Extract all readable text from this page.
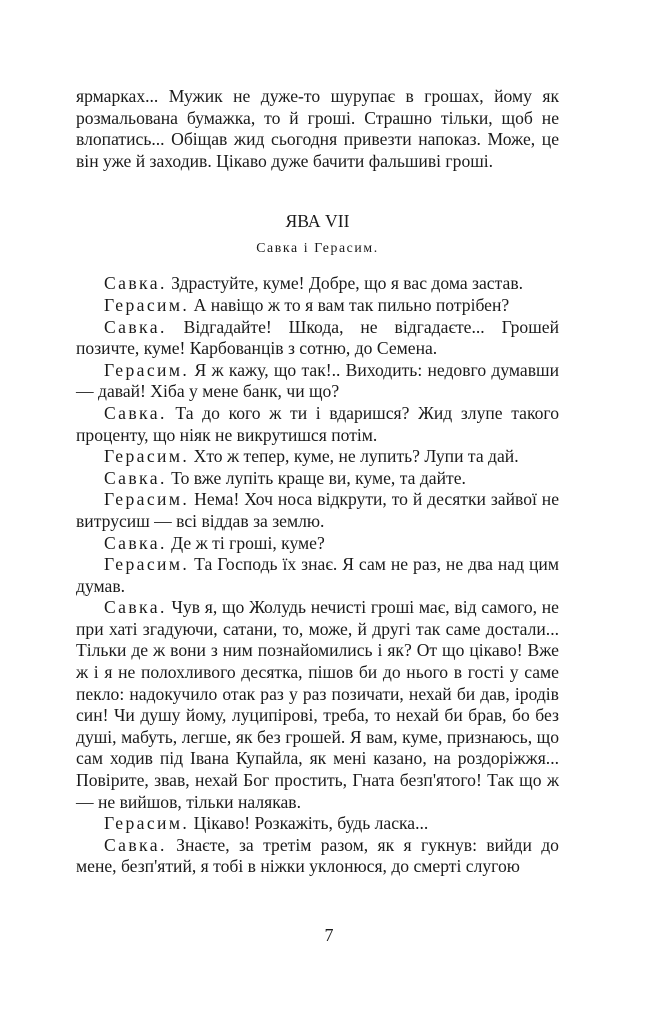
ярмарках... Мужик не дуже-то шурупає в грошах, йому як розмальована бумажка, то й гроші. Страшно тільки, щоб не влопатись... Обіщав жид сьогодня привезти напоказ. Може, це він уже й заходив. Цікаво дуже бачити фальшиві гроші.

ЯВА VII
Савка і Герасим.

Савка. Здрастуйте, куме! Добре, що я вас дома застав.

Герасим. А навіщо ж то я вам так пильно потрібен?

Савка. Відгадайте! Шкода, не відгадаєте... Грошей позичте, куме! Карбованців з сотню, до Семена.

Герасим. Я ж кажу, що так!.. Виходить: недовго думавши — давай! Хіба у мене банк, чи що?

Савка. Та до кого ж ти і вдаришся? Жид злупе такого проценту, що ніяк не викрутишся потім.

Герасим. Хто ж тепер, куме, не лупить? Лупи та дай.

Савка. То вже лупіть краще ви, куме, та дайте.

Герасим. Нема! Хоч носа відкрути, то й десятки зайвої не витрусиш — всі віддав за землю.

Савка. Де ж ті гроші, куме?

Герасим. Та Господь їх знає. Я сам не раз, не два над цим думав.

Савка. Чув я, що Жолудь нечисті гроші має, від самого, не при хаті згадуючи, сатани, то, може, й другі так саме достали... Тільки де ж вони з ним познайомились і як? От що цікаво! Вже ж і я не полохливого десятка, пішов би до нього в гості у саме пекло: надокучило отак раз у раз позичати, нехай би дав, іродів син! Чи душу йому, луципірові, треба, то нехай би брав, бо без душі, мабуть, легше, як без грошей. Я вам, куме, признаюсь, що сам ходив під Івана Купайла, як мені казано, на роздоріжжя... Повірите, звав, нехай Бог простить, Гната безп'ятого! Так що ж — не вийшов, тільки налякав.

Герасим. Цікаво! Розкажіть, будь ласка...

Савка. Знаєте, за третім разом, як я гукнув: вийди до мене, безп'ятий, я тобі в ніжки уклонюся, до смерті слугою

7
